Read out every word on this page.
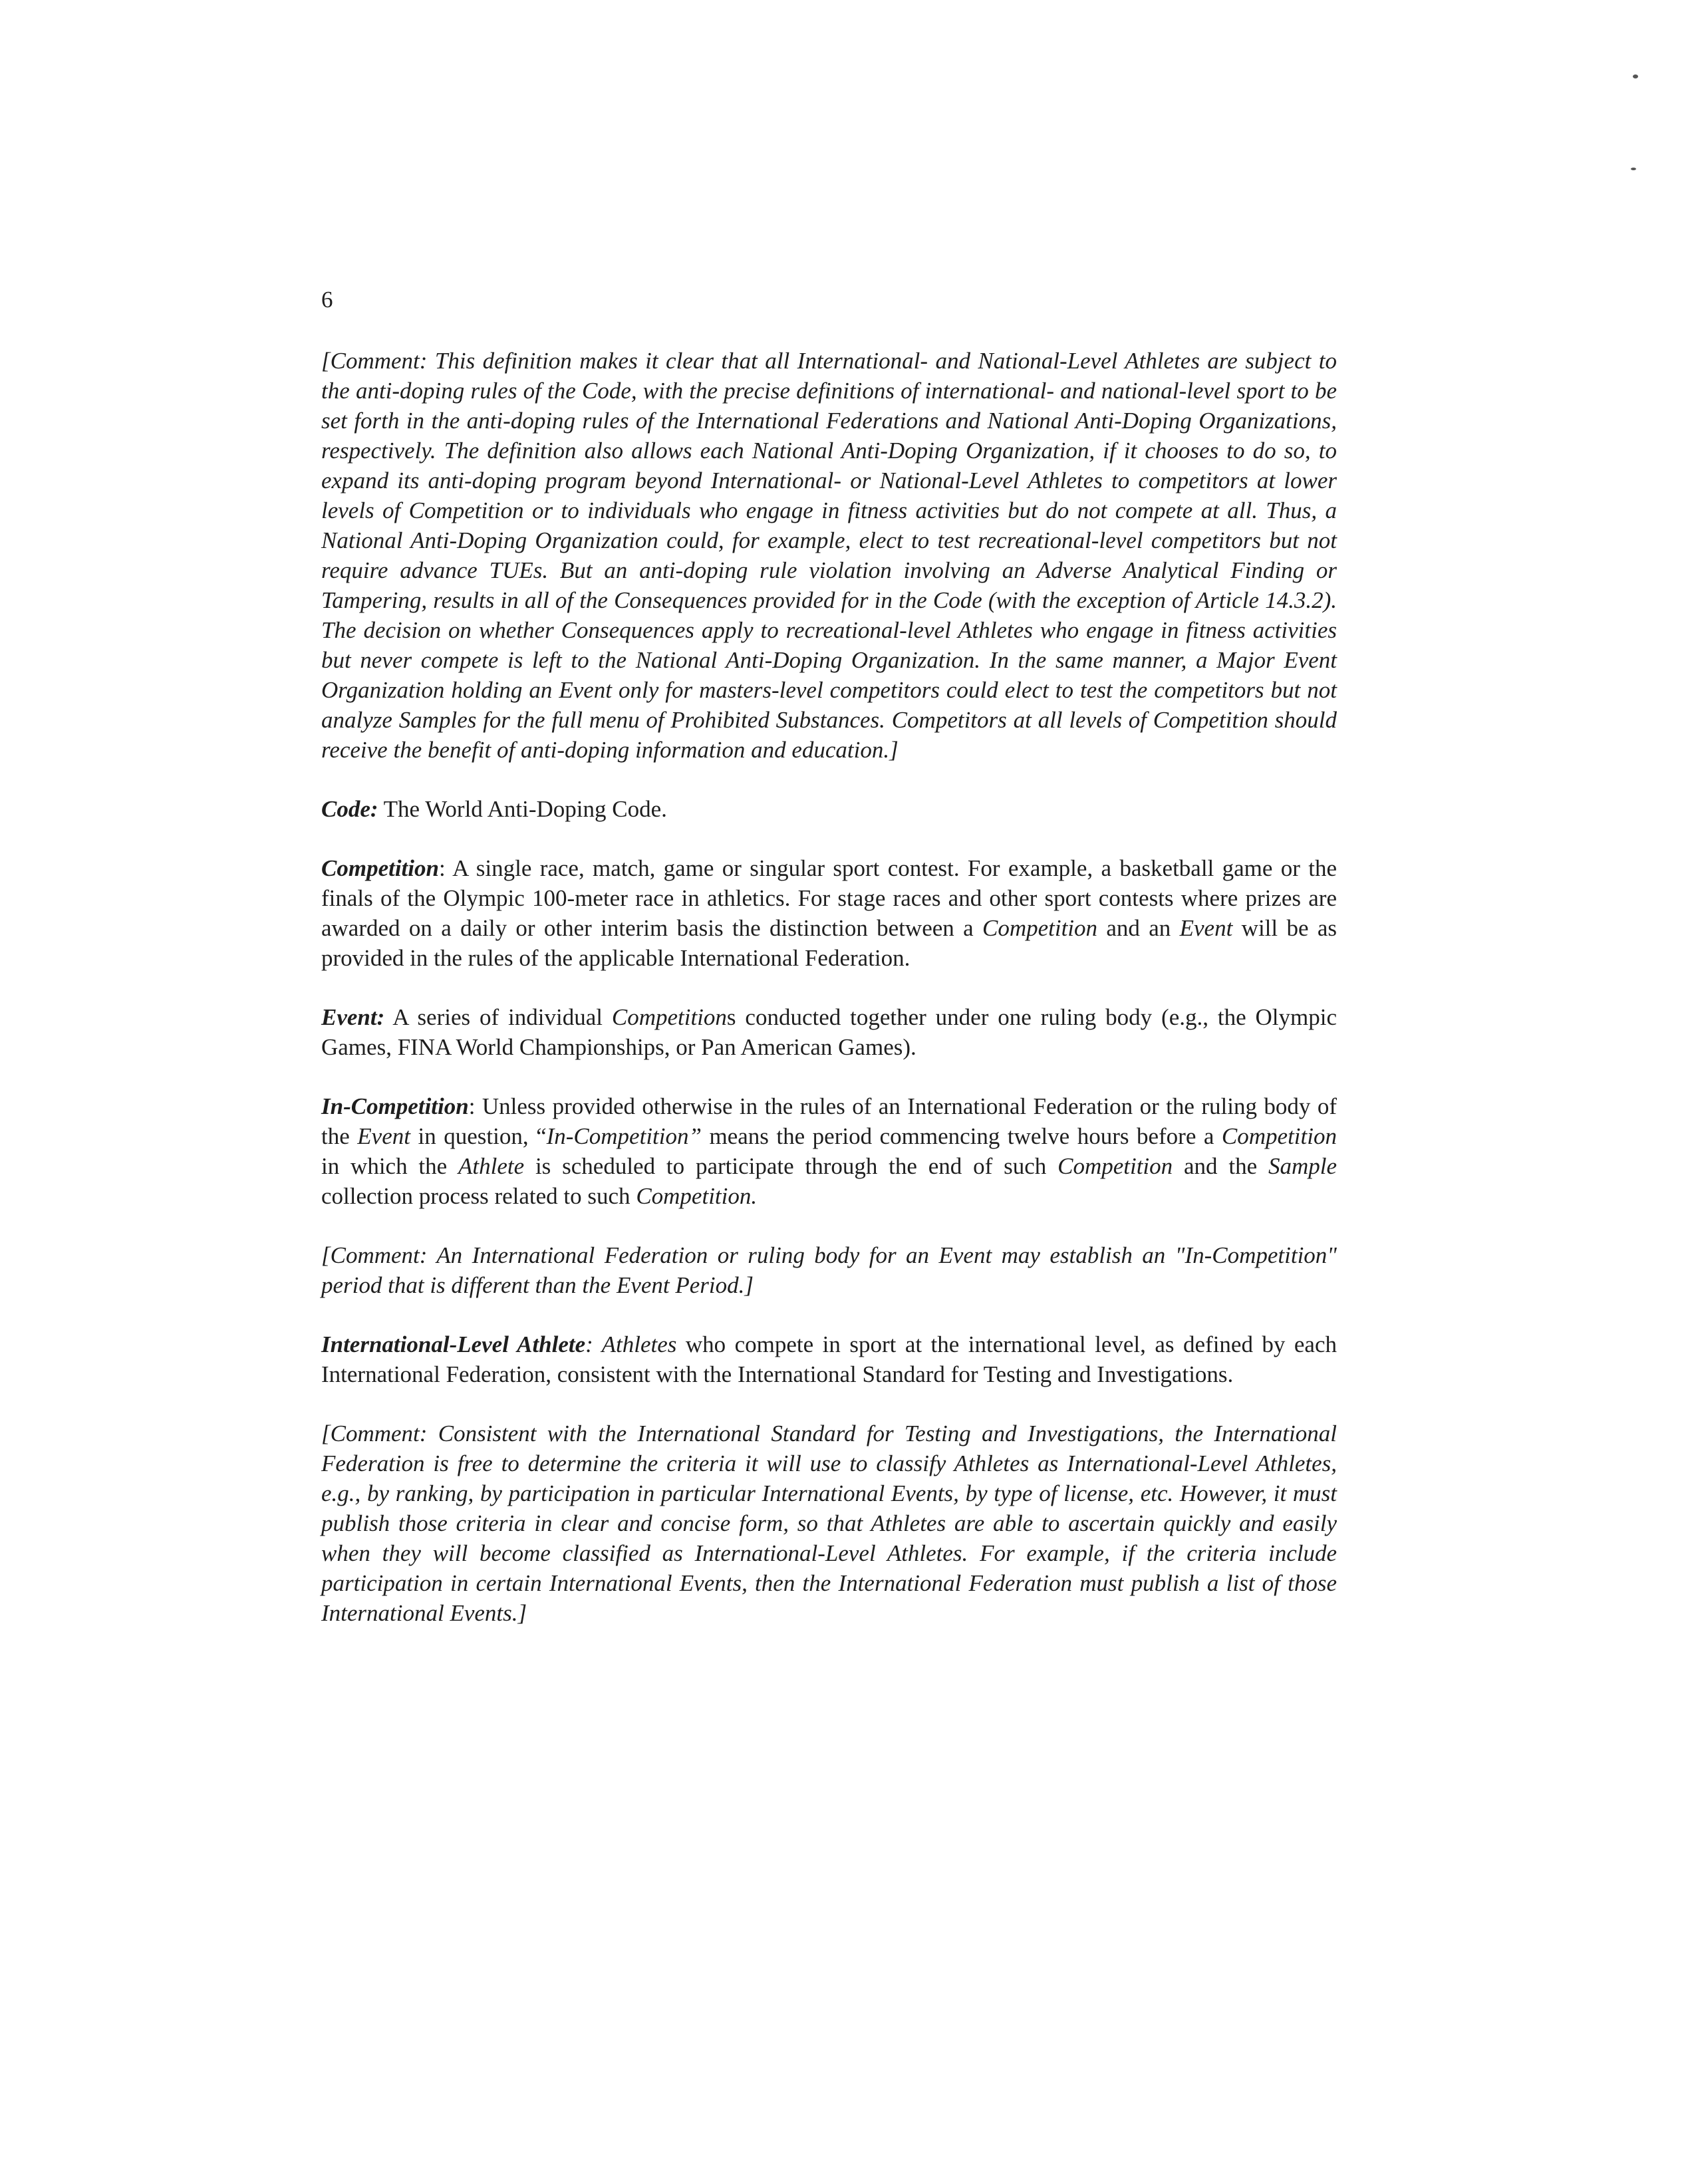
6

[Comment: This definition makes it clear that all International- and National-Level Athletes are subject to the anti-doping rules of the Code, with the precise definitions of international- and national-level sport to be set forth in the anti-doping rules of the International Federations and National Anti-Doping Organizations, respectively. The definition also allows each National Anti-Doping Organization, if it chooses to do so, to expand its anti-doping program beyond International- or National-Level Athletes to competitors at lower levels of Competition or to individuals who engage in fitness activities but do not compete at all. Thus, a National Anti-Doping Organization could, for example, elect to test recreational-level competitors but not require advance TUEs. But an anti-doping rule violation involving an Adverse Analytical Finding or Tampering, results in all of the Consequences provided for in the Code (with the exception of Article 14.3.2). The decision on whether Consequences apply to recreational-level Athletes who engage in fitness activities but never compete is left to the National Anti-Doping Organization. In the same manner, a Major Event Organization holding an Event only for masters-level competitors could elect to test the competitors but not analyze Samples for the full menu of Prohibited Substances. Competitors at all levels of Competition should receive the benefit of anti-doping information and education.]

Code: The World Anti-Doping Code.

Competition: A single race, match, game or singular sport contest. For example, a basketball game or the finals of the Olympic 100-meter race in athletics. For stage races and other sport contests where prizes are awarded on a daily or other interim basis the distinction between a Competition and an Event will be as provided in the rules of the applicable International Federation.

Event: A series of individual Competitions conducted together under one ruling body (e.g., the Olympic Games, FINA World Championships, or Pan American Games).

In-Competition: Unless provided otherwise in the rules of an International Federation or the ruling body of the Event in question, “In-Competition” means the period commencing twelve hours before a Competition in which the Athlete is scheduled to participate through the end of such Competition and the Sample collection process related to such Competition.

[Comment: An International Federation or ruling body for an Event may establish an "In-Competition" period that is different than the Event Period.]

International-Level Athlete: Athletes who compete in sport at the international level, as defined by each International Federation, consistent with the International Standard for Testing and Investigations.

[Comment: Consistent with the International Standard for Testing and Investigations, the International Federation is free to determine the criteria it will use to classify Athletes as International-Level Athletes, e.g., by ranking, by participation in particular International Events, by type of license, etc. However, it must publish those criteria in clear and concise form, so that Athletes are able to ascertain quickly and easily when they will become classified as International-Level Athletes. For example, if the criteria include participation in certain International Events, then the International Federation must publish a list of those International Events.]
